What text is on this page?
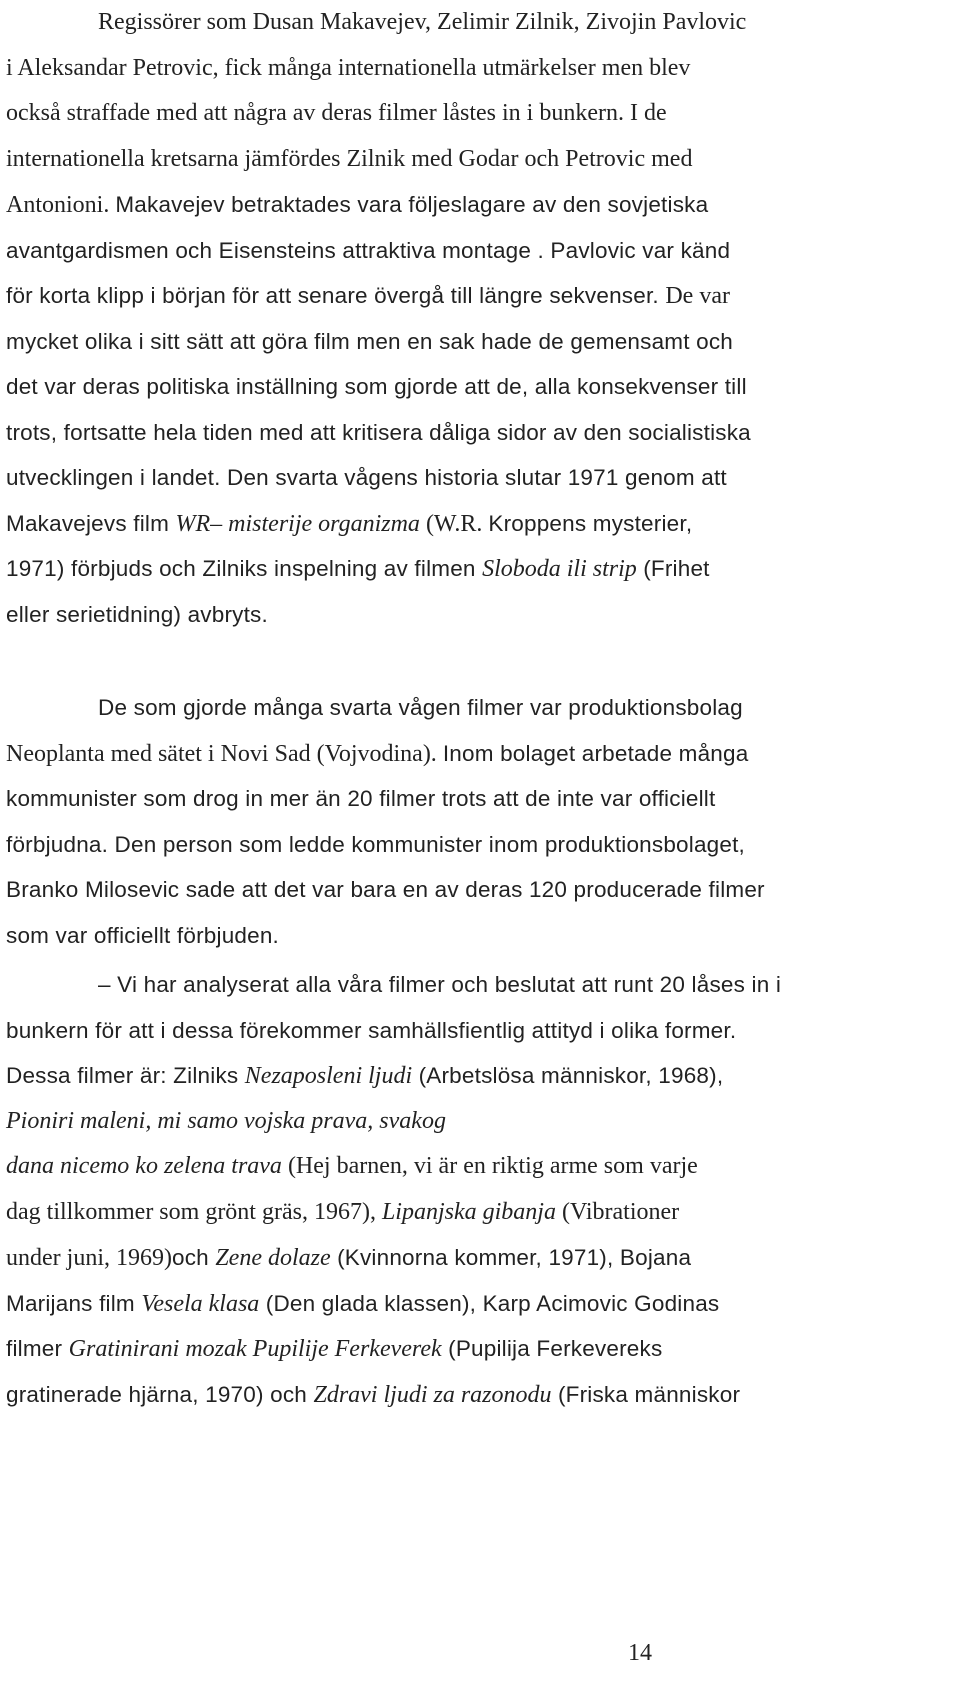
Regissörer som Dusan Makavejev, Zelimir Zilnik, Zivojin Pavlovic
i Aleksandar Petrovic, fick många internationella utmärkelser men blev
också straffade med att några av deras filmer låstes in i bunkern. I de
internationella kretsarna jämfördes Zilnik med Godar och Petrovic med
Antonioni. Makavejev betraktades vara följeslagare av den sovjetiska
avantgardismen och Eisensteins attraktiva montage . Pavlovic var känd
för korta klipp i början för att senare övergå till längre sekvenser. De var
mycket olika i sitt sätt att göra film men en sak hade de gemensamt och
det var deras politiska inställning som gjorde att de, alla konsekvenser till
trots, fortsatte hela tiden med att kritisera dåliga sidor av den socialistiska
utvecklingen i landet. Den svarta vågens historia slutar 1971 genom att
Makavejevs film WR– misterije organizma (W.R. Kroppens mysterier,
1971) förbjuds och Zilniks inspelning av filmen Sloboda ili strip (Frihet
eller serietidning) avbryts.
De som gjorde många svarta vågen filmer var produktionsbolag
Neoplanta med sätet i Novi Sad (Vojvodina). Inom bolaget arbetade många
kommunister som drog in mer än 20 filmer trots att de inte var officiellt
förbjudna. Den person som ledde kommunister inom produktionsbolaget,
Branko Milosevic sade att det var bara en av deras 120 producerade filmer
som var officiellt förbjuden.
– Vi har analyserat alla våra filmer och beslutat att runt 20 låses in i
bunkern för att i dessa förekommer samhällsfientlig attityd i olika former.
Dessa filmer är: Zilniks Nezaposleni ljudi (Arbetslösa människor, 1968),
Pioniri maleni, mi samo vojska prava, svakog
dana nicemo ko zelena trava (Hej barnen, vi är en riktig arme som varje
dag tillkommer som grönt gräs, 1967), Lipanjska gibanja (Vibrationer
under juni, 1969)och Zene dolaze (Kvinnorna kommer, 1971), Bojana
Marijans film Vesela klasa (Den glada klassen), Karp Acimovic Godinas
filmer Gratinirani mozak Pupilije Ferkeverek (Pupilija Ferkevereks
gratinerade hjärna, 1970) och Zdravi ljudi za razonodu (Friska människor
14
